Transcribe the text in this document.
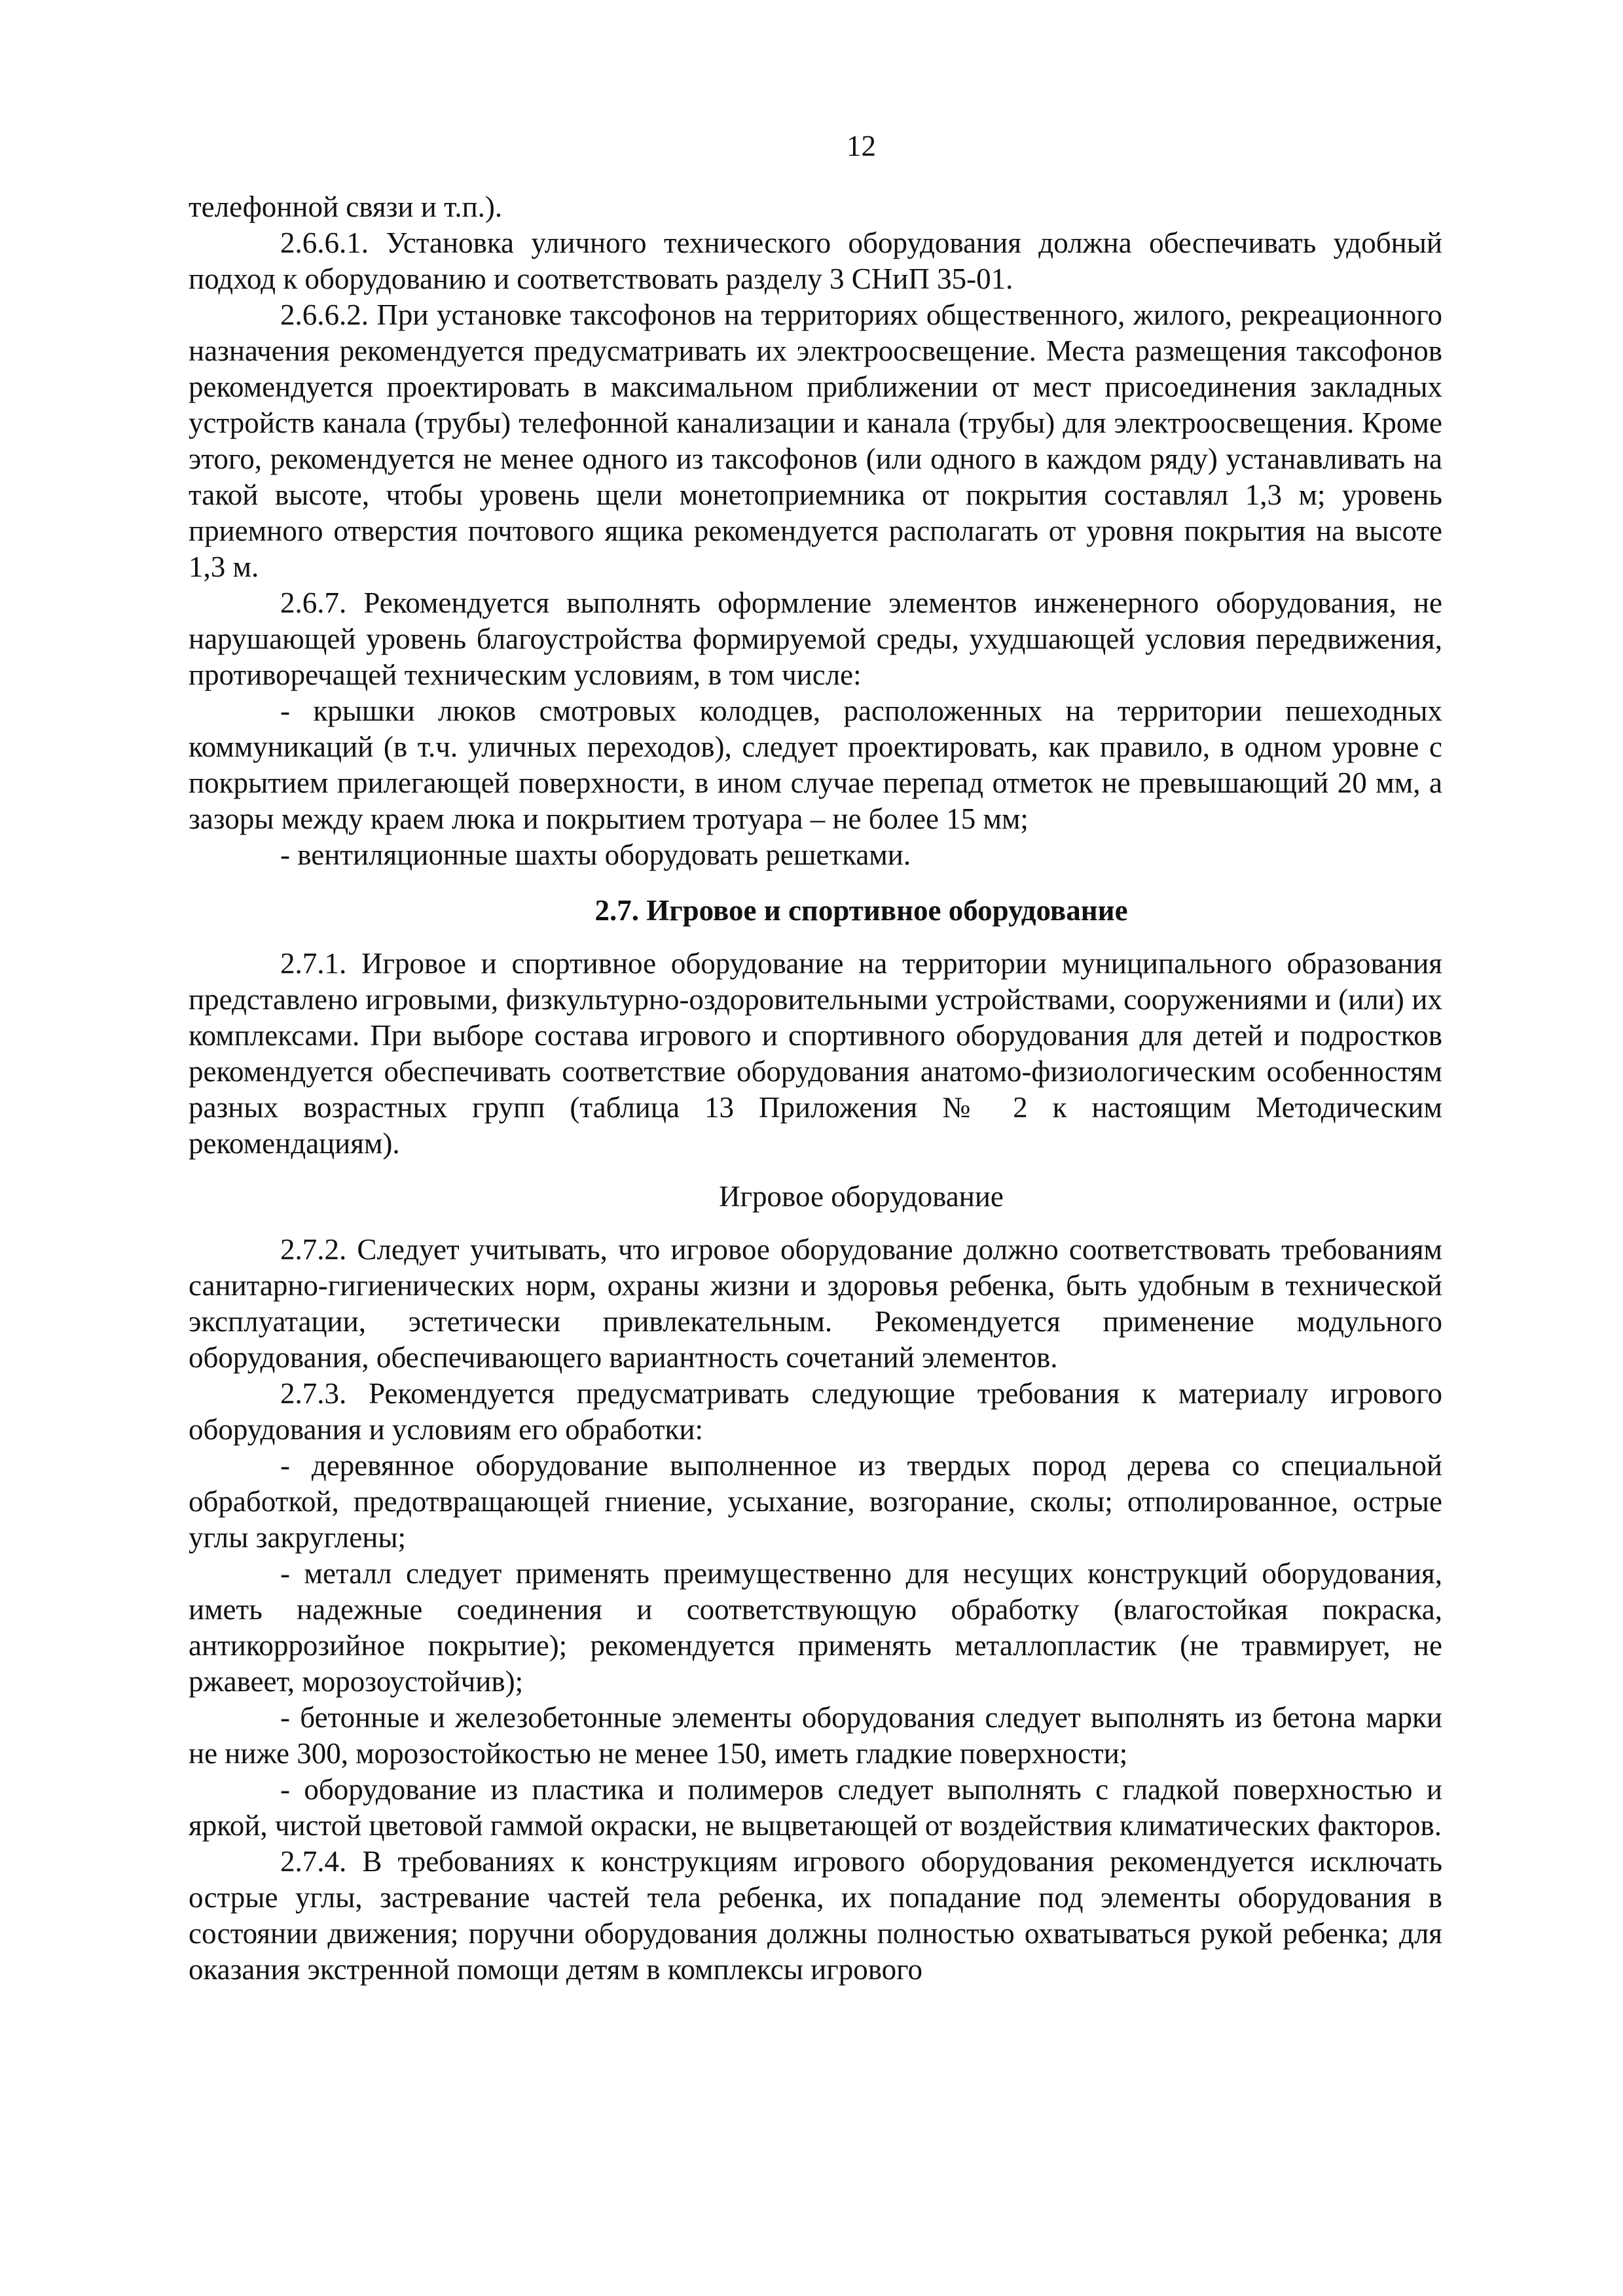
12

телефонной связи и т.п.).

2.6.6.1. Установка уличного технического оборудования должна обеспечивать удобный подход к оборудованию и соответствовать разделу 3 СНиП 35-01.

2.6.6.2. При установке таксофонов на территориях общественного, жилого, рекреационного назначения рекомендуется предусматривать их электроосвещение. Места размещения таксофонов рекомендуется проектировать в максимальном приближении от мест присоединения закладных устройств канала (трубы) телефонной канализации и канала (трубы) для электроосвещения. Кроме этого, рекомендуется не менее одного из таксофонов (или одного в каждом ряду) устанавливать на такой высоте, чтобы уровень щели монетоприемника от покрытия составлял 1,3 м; уровень приемного отверстия почтового ящика рекомендуется располагать от уровня покрытия на высоте 1,3 м.

2.6.7. Рекомендуется выполнять оформление элементов инженерного оборудования, не нарушающей уровень благоустройства формируемой среды, ухудшающей условия передвижения, противоречащей техническим условиям, в том числе:

- крышки люков смотровых колодцев, расположенных на территории пешеходных коммуникаций (в т.ч. уличных переходов), следует проектировать, как правило, в одном уровне с покрытием прилегающей поверхности, в ином случае перепад отметок не превышающий 20 мм, а зазоры между краем люка и покрытием тротуара – не более 15 мм;

- вентиляционные шахты оборудовать решетками.

2.7. Игровое и спортивное оборудование

2.7.1. Игровое и спортивное оборудование на территории муниципального образования представлено игровыми, физкультурно-оздоровительными устройствами, сооружениями и (или) их комплексами. При выборе состава игрового и спортивного оборудования для детей и подростков рекомендуется обеспечивать соответствие оборудования анатомо-физиологическим особенностям разных возрастных групп (таблица 13 Приложения № 2 к настоящим Методическим рекомендациям).

Игровое оборудование

2.7.2. Следует учитывать, что игровое оборудование должно соответствовать требованиям санитарно-гигиенических норм, охраны жизни и здоровья ребенка, быть удобным в технической эксплуатации, эстетически привлекательным. Рекомендуется применение модульного оборудования, обеспечивающего вариантность сочетаний элементов.

2.7.3. Рекомендуется предусматривать следующие требования к материалу игрового оборудования и условиям его обработки:

- деревянное оборудование выполненное из твердых пород дерева со специальной обработкой, предотвращающей гниение, усыхание, возгорание, сколы; отполированное, острые углы закруглены;

- металл следует применять преимущественно для несущих конструкций оборудования, иметь надежные соединения и соответствующую обработку (влагостойкая покраска, антикоррозийное покрытие); рекомендуется применять металлопластик (не травмирует, не ржавеет, морозоустойчив);

- бетонные и железобетонные элементы оборудования следует выполнять из бетона марки не ниже 300, морозостойкостью не менее 150, иметь гладкие поверхности;

- оборудование из пластика и полимеров следует выполнять с гладкой поверхностью и яркой, чистой цветовой гаммой окраски, не выцветающей от воздействия климатических факторов.

2.7.4. В требованиях к конструкциям игрового оборудования рекомендуется исключать острые углы, застревание частей тела ребенка, их попадание под элементы оборудования в состоянии движения; поручни оборудования должны полностью охватываться рукой ребенка; для оказания экстренной помощи детям в комплексы игрового
